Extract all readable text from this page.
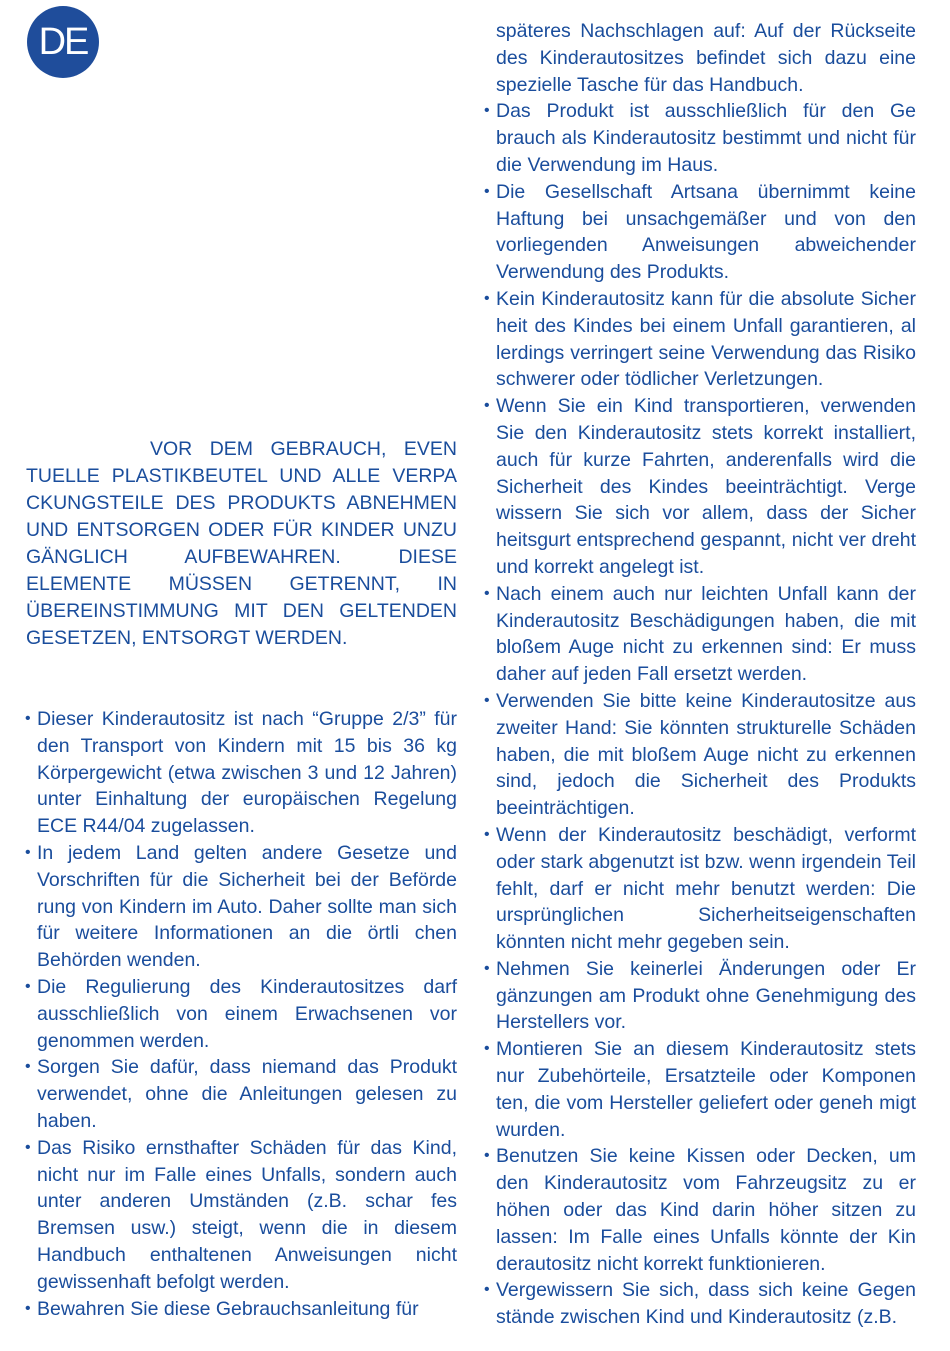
DE

VOR DEM GEBRAUCH, EVEN TUELLE PLASTIKBEUTEL UND ALLE VERPA CKUNGSTEILE DES PRODUKTS ABNEHMEN UND ENTSORGEN ODER FÜR KINDER UNZU GÄNGLICH AUFBEWAHREN. DIESE ELEMENTE MÜSSEN GETRENNT, IN ÜBEREINSTIMMUNG MIT DEN GELTENDEN GESETZEN, ENTSORGT WERDEN.

• Dieser Kinderautositz ist nach “Gruppe 2/3” für den Transport von Kindern mit 15 bis 36 kg Körpergewicht (etwa zwischen 3 und 12 Jahren) unter Einhaltung der europäischen Regelung ECE R44/04 zugelassen.
• In jedem Land gelten andere Gesetze und Vorschriften für die Sicherheit bei der Beförde rung von Kindern im Auto. Daher sollte man sich für weitere Informationen an die örtli chen Behörden wenden.
• Die Regulierung des Kinderautositzes darf ausschließlich von einem Erwachsenen vor genommen werden.
• Sorgen Sie dafür, dass niemand das Produkt verwendet, ohne die Anleitungen gelesen zu haben.
• Das Risiko ernsthafter Schäden für das Kind, nicht nur im Falle eines Unfalls, sondern auch unter anderen Umständen (z.B. schar fes Bremsen usw.) steigt, wenn die in diesem Handbuch enthaltenen Anweisungen nicht gewissenhaft befolgt werden.
• Bewahren Sie diese Gebrauchsanleitung für
späteres Nachschlagen auf: Auf der Rückseite des Kinderautositzes befindet sich dazu eine spezielle Tasche für das Handbuch.
• Das Produkt ist ausschließlich für den Ge brauch als Kinderautositz bestimmt und nicht für die Verwendung im Haus.
• Die Gesellschaft Artsana übernimmt keine Haftung bei unsachgemäßer und von den vorliegenden Anweisungen abweichender Verwendung des Produkts.
• Kein Kinderautositz kann für die absolute Sicher heit des Kindes bei einem Unfall garantieren, al lerdings verringert seine Verwendung das Risiko schwerer oder tödlicher Verletzungen.
• Wenn Sie ein Kind transportieren, verwenden Sie den Kinderautositz stets korrekt installiert, auch für kurze Fahrten, anderenfalls wird die Sicherheit des Kindes beeinträchtigt. Verge wissern Sie sich vor allem, dass der Sicher heitsgurt entsprechend gespannt, nicht ver dreht und korrekt angelegt ist.
• Nach einem auch nur leichten Unfall kann der Kinderautositz Beschädigungen haben, die mit bloßem Auge nicht zu erkennen sind: Er muss daher auf jeden Fall ersetzt werden.
• Verwenden Sie bitte keine Kinderautositze aus zweiter Hand: Sie könnten strukturelle Schäden haben, die mit bloßem Auge nicht zu erkennen sind, jedoch die Sicherheit des Produkts beeinträchtigen.
• Wenn der Kinderautositz beschädigt, verformt oder stark abgenutzt ist bzw. wenn irgendein Teil fehlt, darf er nicht mehr benutzt werden: Die ursprünglichen Sicherheitseigenschaften könnten nicht mehr gegeben sein.
• Nehmen Sie keinerlei Änderungen oder Er gänzungen am Produkt ohne Genehmigung des Herstellers vor.
• Montieren Sie an diesem Kinderautositz stets nur Zubehörteile, Ersatzteile oder Komponen ten, die vom Hersteller geliefert oder geneh migt wurden.
• Benutzen Sie keine Kissen oder Decken, um den Kinderautositz vom Fahrzeugsitz zu er höhen oder das Kind darin höher sitzen zu lassen: Im Falle eines Unfalls könnte der Kin derautositz nicht korrekt funktionieren.
• Vergewissern Sie sich, dass sich keine Gegen stände zwischen Kind und Kinderautositz (z.B.
